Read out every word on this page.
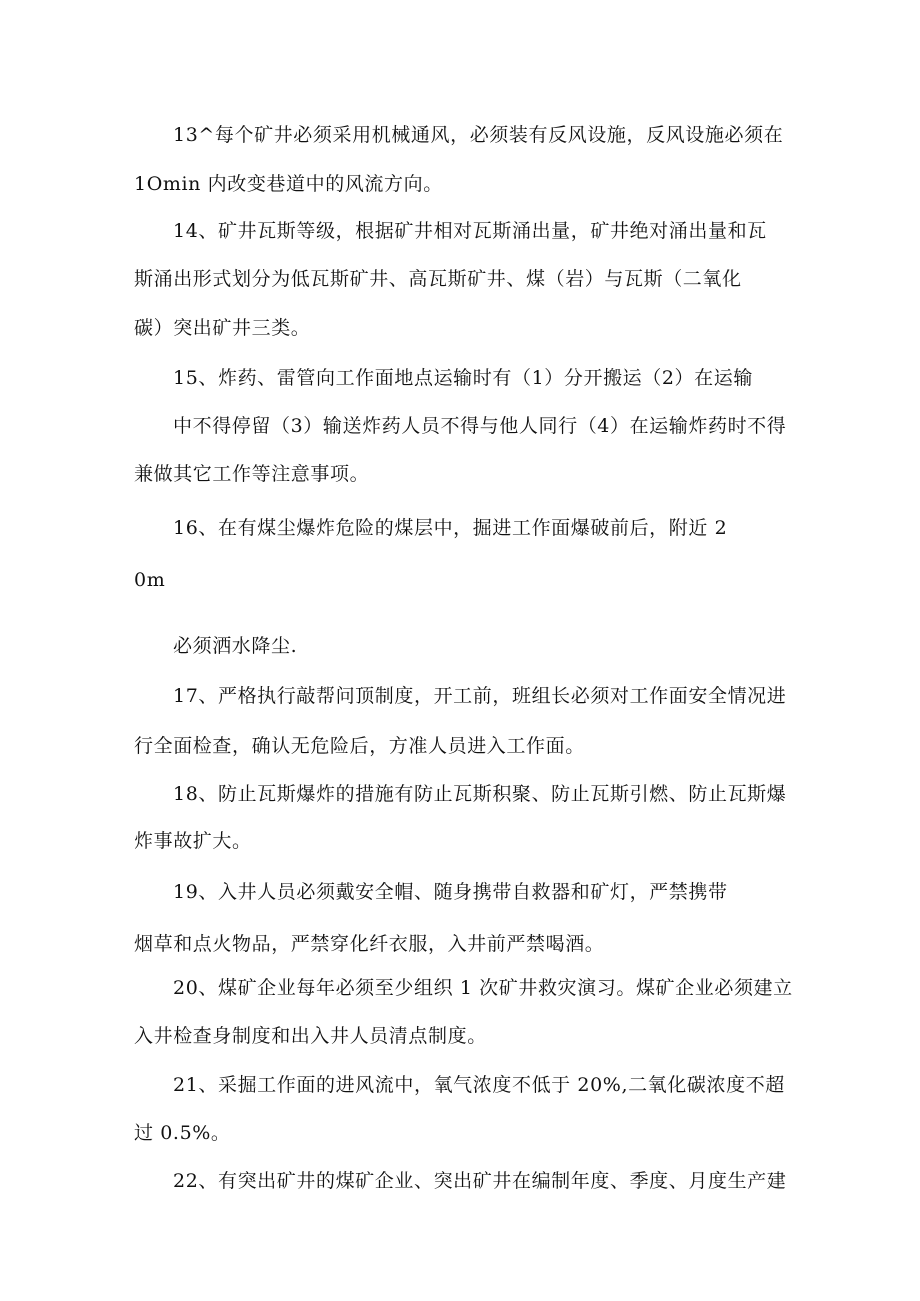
13^每个矿井必须采用机械通风，必须装有反风设施，反风设施必须在
1Omin 内改变巷道中的风流方向。
14、矿井瓦斯等级，根据矿井相对瓦斯涌出量，矿井绝对涌出量和瓦
斯涌出形式划分为低瓦斯矿井、高瓦斯矿井、煤（岩）与瓦斯（二氧化
碳）突出矿井三类。
15、炸药、雷管向工作面地点运输时有（1）分开搬运（2）在运输
中不得停留（3）输送炸药人员不得与他人同行（4）在运输炸药时不得
兼做其它工作等注意事项。
16、在有煤尘爆炸危险的煤层中，掘进工作面爆破前后，附近 2
0m
必须洒水降尘.
17、严格执行敲帮问顶制度，开工前，班组长必须对工作面安全情况进
行全面检查，确认无危险后，方准人员进入工作面。
18、防止瓦斯爆炸的措施有防止瓦斯积聚、防止瓦斯引燃、防止瓦斯爆
炸事故扩大。
19、入井人员必须戴安全帽、随身携带自救器和矿灯，严禁携带
烟草和点火物品，严禁穿化纤衣服，入井前严禁喝酒。
20、煤矿企业每年必须至少组织 1 次矿井救灾演习。煤矿企业必须建立
入井检查身制度和出入井人员清点制度。
21、采掘工作面的进风流中，氧气浓度不低于 20%,二氧化碳浓度不超
过 0.5%。
22、有突出矿井的煤矿企业、突出矿井在编制年度、季度、月度生产建
